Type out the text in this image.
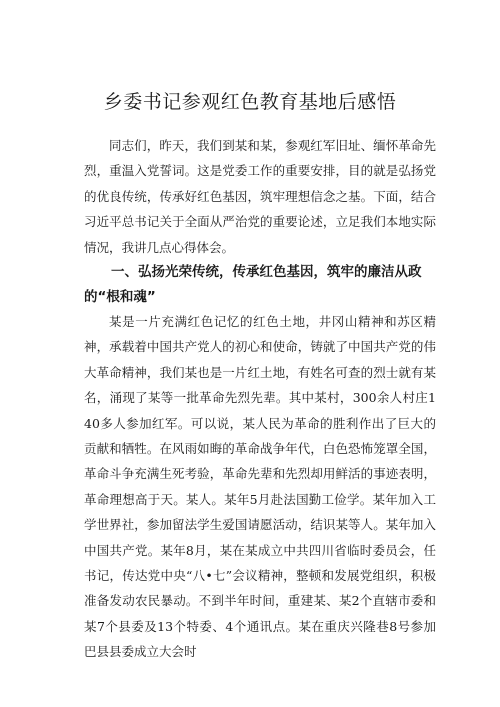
乡委书记参观红色教育基地后感悟

同志们，昨天，我们到某和某，参观红军旧址、缅怀革命先烈，重温入党誓词。这是党委工作的重要安排，目的就是弘扬党的优良传统，传承好红色基因，筑牢理想信念之基。下面，结合习近平总书记关于全面从严治党的重要论述，立足我们本地实际情况，我讲几点心得体会。

一、弘扬光荣传统，传承红色基因，筑牢的廉洁从政的“根和魂”

某是一片充满红色记忆的红色土地，井冈山精神和苏区精神，承载着中国共产党人的初心和使命，铸就了中国共产党的伟大革命精神，我们某也是一片红土地，有姓名可查的烈士就有某名，涌现了某等一批革命先烈先辈。其中某村，300余人村庄140多人参加红军。可以说，某人民为革命的胜利作出了巨大的贡献和牺牲。在风雨如晦的革命战争年代，白色恐怖笼罩全国，革命斗争充满生死考验，革命先辈和先烈却用鲜活的事迹表明，革命理想高于天。某人。某年5月赴法国勤工俭学。某年加入工学世界社，参加留法学生爱国请愿活动，结识某等人。某年加入中国共产党。某年8月，某在某成立中共四川省临时委员会，任书记，传达党中央“八•七”会议精神，整顿和发展党组织，积极准备发动农民暴动。不到半年时间，重建某、某2个直辖市委和某7个县委及13个特委、4个通讯点。某在重庆兴隆巷8号参加巴县县委成立大会时
